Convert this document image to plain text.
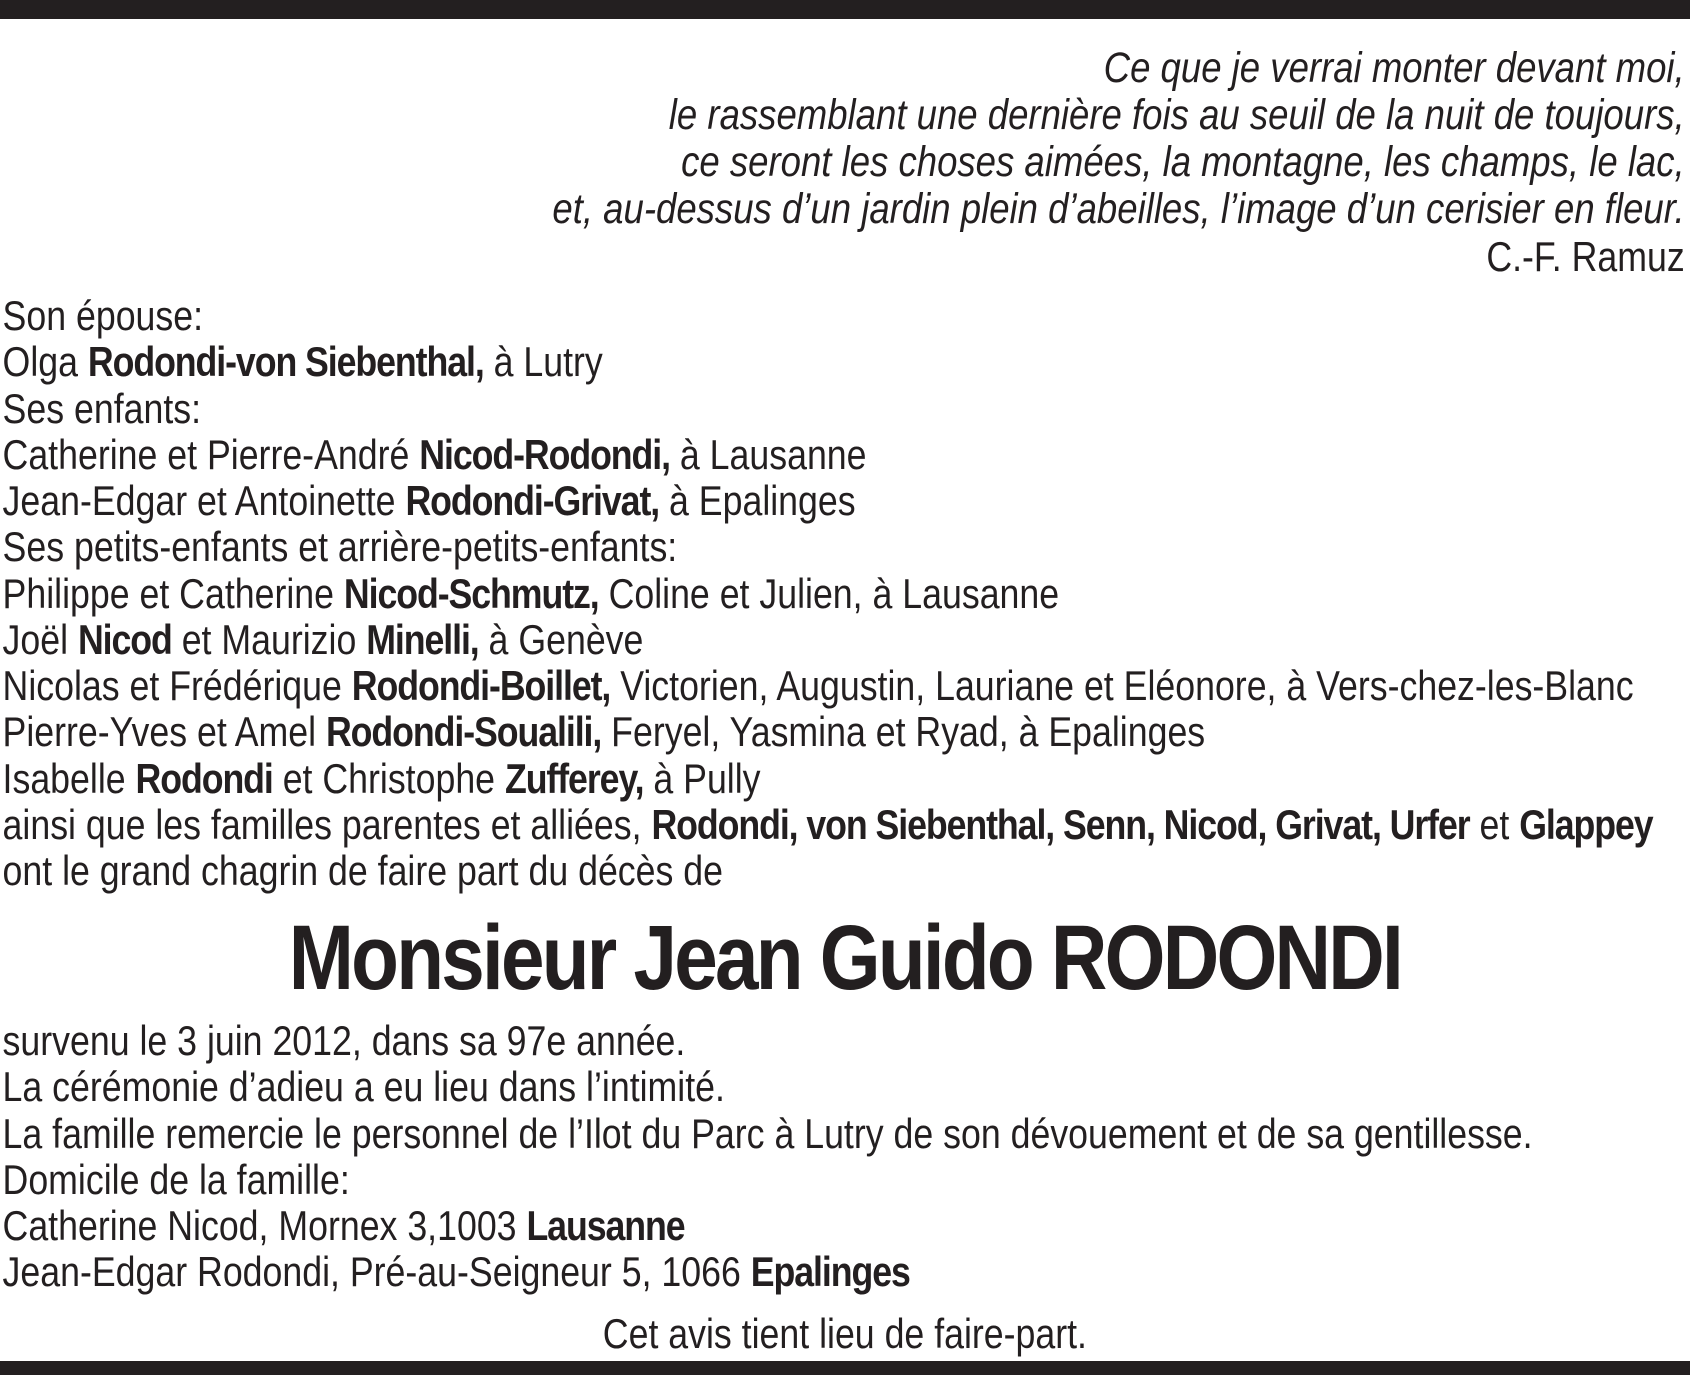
Ce que je verrai monter devant moi,
le rassemblant une dernière fois au seuil de la nuit de toujours,
ce seront les choses aimées, la montagne, les champs, le lac,
et, au-dessus d’un jardin plein d’abeilles, l’image d’un cerisier en fleur.
C.-F. Ramuz
Son épouse:
Olga Rodondi-von Siebenthal, à Lutry
Ses enfants:
Catherine et Pierre-André Nicod-Rodondi, à Lausanne
Jean-Edgar et Antoinette Rodondi-Grivat, à Epalinges
Ses petits-enfants et arrière-petits-enfants:
Philippe et Catherine Nicod-Schmutz, Coline et Julien, à Lausanne
Joël Nicod et Maurizio Minelli, à Genève
Nicolas et Frédérique Rodondi-Boillet, Victorien, Augustin, Lauriane et Eléonore, à Vers-chez-les-Blanc
Pierre-Yves et Amel Rodondi-Soualili, Feryel, Yasmina et Ryad, à Epalinges
Isabelle Rodondi et Christophe Zufferey, à Pully
ainsi que les familles parentes et alliées, Rodondi, von Siebenthal, Senn, Nicod, Grivat, Urfer et Glappey
ont le grand chagrin de faire part du décès de
Monsieur Jean Guido RODONDI
survenu le 3 juin 2012, dans sa 97e année.
La cérémonie d’adieu a eu lieu dans l’intimité.
La famille remercie le personnel de l’Ilot du Parc à Lutry de son dévouement et de sa gentillesse.
Domicile de la famille:
Catherine Nicod, Mornex 3,1003 Lausanne
Jean-Edgar Rodondi, Pré-au-Seigneur 5, 1066 Epalinges
Cet avis tient lieu de faire-part.
